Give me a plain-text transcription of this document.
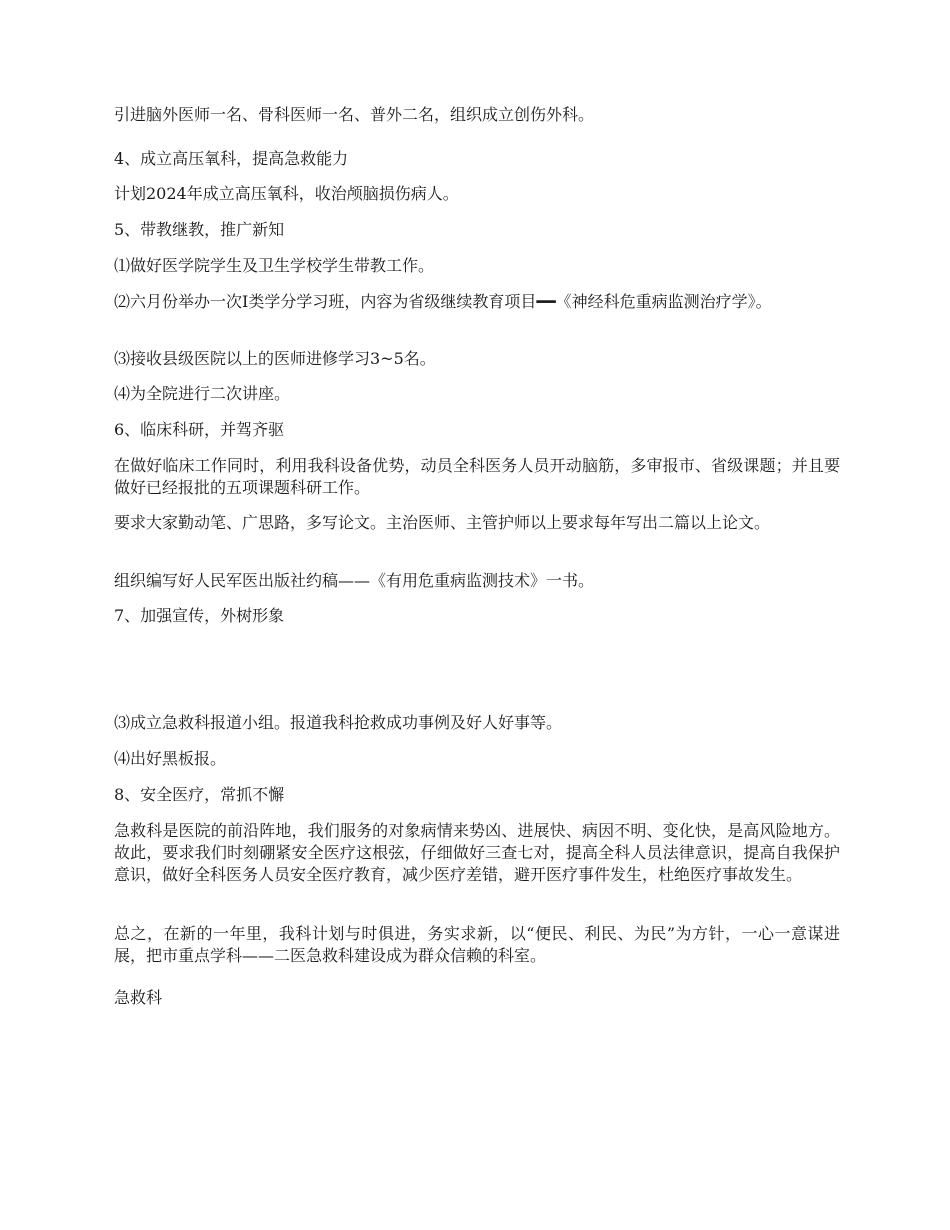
引进脑外医师一名、骨科医师一名、普外二名，组织成立创伤外科。

4、成立高压氧科，提高急救能力

计划2024年成立高压氧科，收治颅脑损伤病人。

5、带教继教，推广新知

⑴做好医学院学生及卫生学校学生带教工作。

⑵六月份举办一次Ⅰ类学分学习班，内容为省级继续教育项目━━《神经科危重病监测治疗学》。

⑶接收县级医院以上的医师进修学习3~5名。

⑷为全院进行二次讲座。

6、临床科研，并驾齐驱

在做好临床工作同时，利用我科设备优势，动员全科医务人员开动脑筋，多审报市、省级课题；并且要做好已经报批的五项课题科研工作。

要求大家勤动笔、广思路，多写论文。主治医师、主管护师以上要求每年写出二篇以上论文。

组织编写好人民军医出版社约稿——《有用危重病监测技术》一书。

7、加强宣传，外树形象

⑶成立急救科报道小组。报道我科抢救成功事例及好人好事等。

⑷出好黑板报。

8、安全医疗，常抓不懈

急救科是医院的前沿阵地，我们服务的对象病情来势凶、进展快、病因不明、变化快，是高风险地方。故此，要求我们时刻硼紧安全医疗这根弦，仔细做好三查七对，提高全科人员法律意识，提高自我保护意识，做好全科医务人员安全医疗教育，减少医疗差错，避开医疗事件发生，杜绝医疗事故发生。

总之，在新的一年里，我科计划与时俱进，务实求新，以“便民、利民、为民”为方针，一心一意谋进展，把市重点学科——二医急救科建设成为群众信赖的科室。

急救科
